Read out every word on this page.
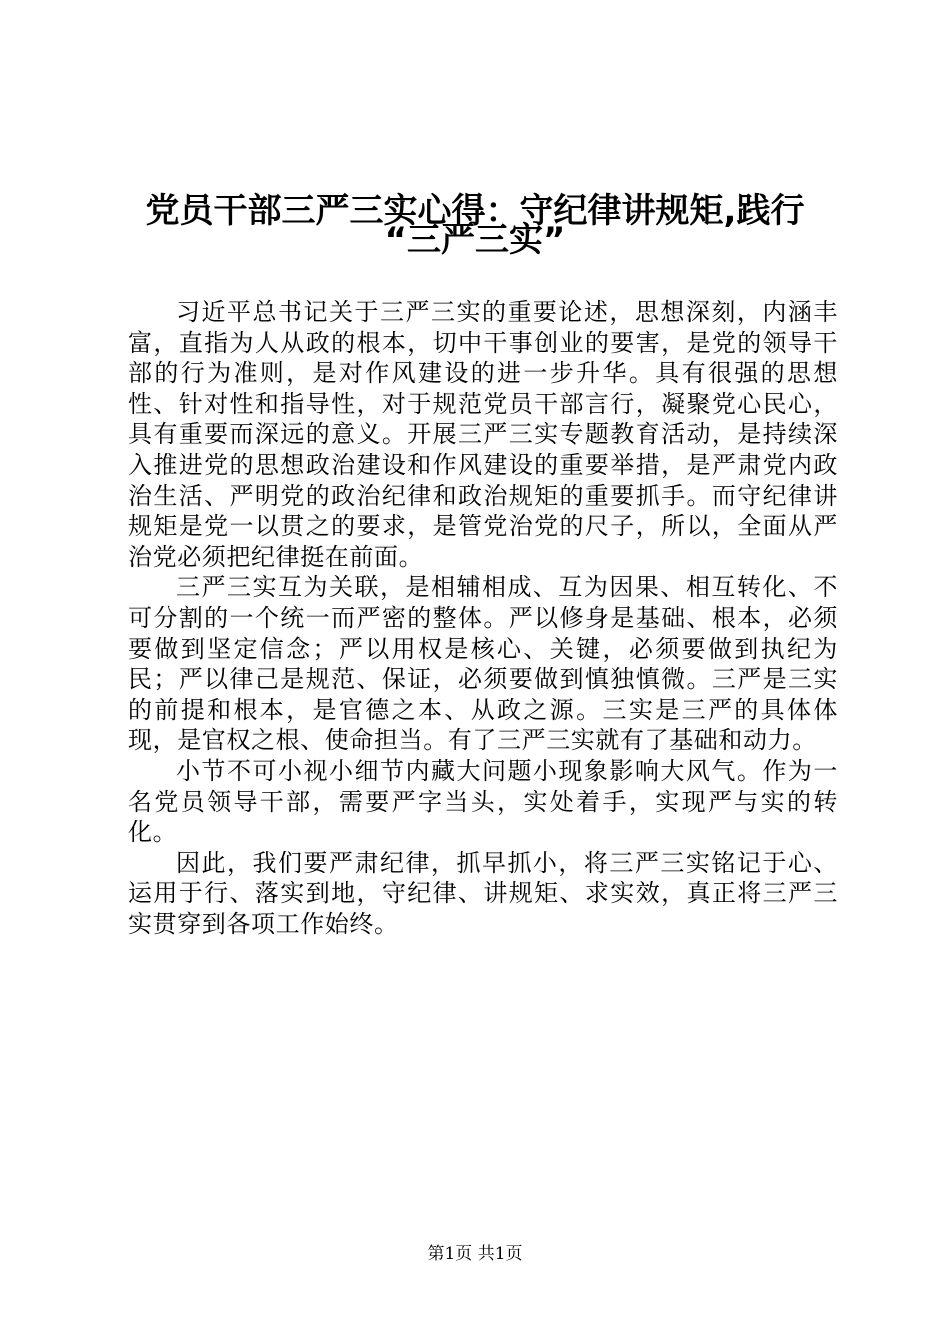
党员干部三严三实心得：守纪律讲规矩,践行
“三严三实”

习近平总书记关于三严三实的重要论述，思想深刻，内涵丰富，直指为人从政的根本，切中干事创业的要害，是党的领导干部的行为准则，是对作风建设的进一步升华。具有很强的思想性、针对性和指导性，对于规范党员干部言行，凝聚党心民心，具有重要而深远的意义。开展三严三实专题教育活动，是持续深入推进党的思想政治建设和作风建设的重要举措，是严肃党内政治生活、严明党的政治纪律和政治规矩的重要抓手。而守纪律讲规矩是党一以贯之的要求，是管党治党的尺子，所以，全面从严治党必须把纪律挺在前面。

三严三实互为关联，是相辅相成、互为因果、相互转化、不可分割的一个统一而严密的整体。严以修身是基础、根本，必须要做到坚定信念；严以用权是核心、关键，必须要做到执纪为民；严以律己是规范、保证，必须要做到慎独慎微。三严是三实的前提和根本，是官德之本、从政之源。三实是三严的具体体现，是官权之根、使命担当。有了三严三实就有了基础和动力。

小节不可小视小细节内藏大问题小现象影响大风气。作为一名党员领导干部，需要严字当头，实处着手，实现严与实的转化。

因此，我们要严肃纪律，抓早抓小，将三严三实铭记于心、运用于行、落实到地，守纪律、讲规矩、求实效，真正将三严三实贯穿到各项工作始终。

第1页 共1页
